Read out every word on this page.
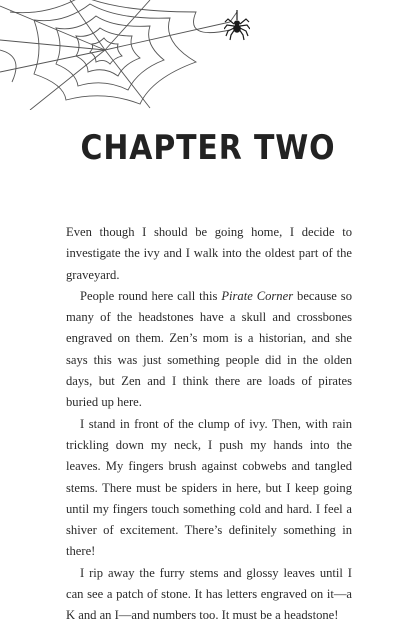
CHAPTER TWO

Even though I should be going home, I decide to investigate the ivy and I walk into the oldest part of the graveyard.

People round here call this Pirate Corner because so many of the headstones have a skull and crossbones engraved on them. Zen’s mom is a historian, and she says this was just something people did in the olden days, but Zen and I think there are loads of pirates buried up here.

I stand in front of the clump of ivy. Then, with rain trickling down my neck, I push my hands into the leaves. My fingers brush against cobwebs and tangled stems. There must be spiders in here, but I keep going until my fingers touch something cold and hard. I feel a shiver of excitement. There’s definitely something in there!

I rip away the furry stems and glossy leaves until I can see a patch of stone. It has letters engraved on it—a K and an I—and numbers too. It must be a headstone!
